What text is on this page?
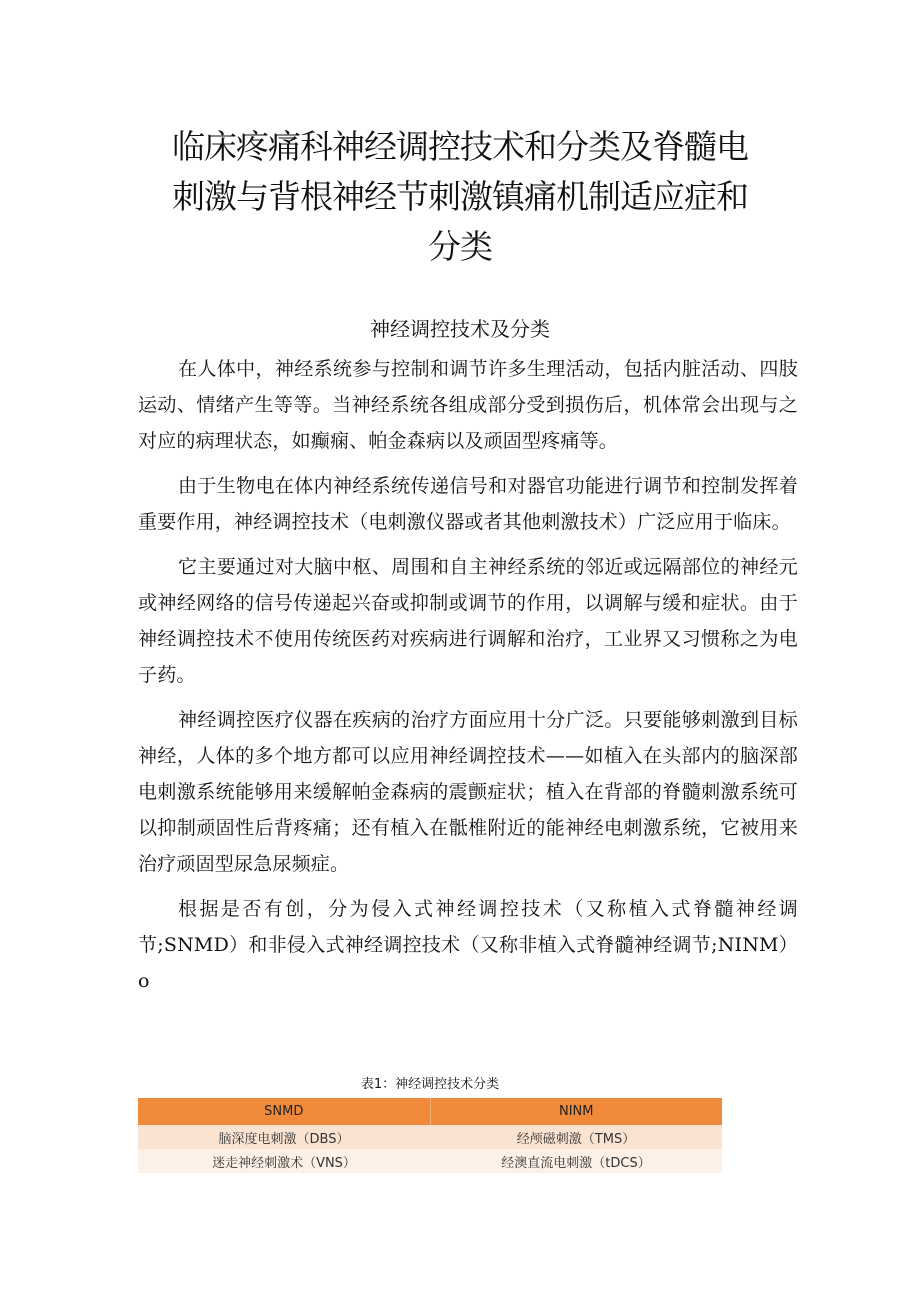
临床疼痛科神经调控技术和分类及脊髓电
刺激与背根神经节刺激镇痛机制适应症和
分类
神经调控技术及分类

在人体中，神经系统参与控制和调节许多生理活动，包括内脏活动、四肢运动、情绪产生等等。当神经系统各组成部分受到损伤后，机体常会出现与之对应的病理状态，如癫痫、帕金森病以及顽固型疼痛等。

由于生物电在体内神经系统传递信号和对器官功能进行调节和控制发挥着重要作用，神经调控技术（电刺激仪器或者其他刺激技术）广泛应用于临床。

它主要通过对大脑中枢、周围和自主神经系统的邻近或远隔部位的神经元或神经网络的信号传递起兴奋或抑制或调节的作用，以调解与缓和症状。由于神经调控技术不使用传统医药对疾病进行调解和治疗，工业界又习惯称之为电子药。

神经调控医疗仪器在疾病的治疗方面应用十分广泛。只要能够刺激到目标神经，人体的多个地方都可以应用神经调控技术——如植入在头部内的脑深部电刺激系统能够用来缓解帕金森病的震颤症状；植入在背部的脊髓刺激系统可以抑制顽固性后背疼痛；还有植入在骶椎附近的能神经电刺激系统，它被用来治疗顽固型尿急尿频症。

根据是否有创，分为侵入式神经调控技术（又称植入式脊髓神经调节;SNMD）和非侵入式神经调控技术（又称非植入式脊髓神经调节;NINM）o

表1：神经调控技术分类
SNMD	NINM
脑深度电刺激（DBS）	经颅磁刺激（TMS）
迷走神经刺激术（VNS）	经澳直流电刺激（tDCS）
